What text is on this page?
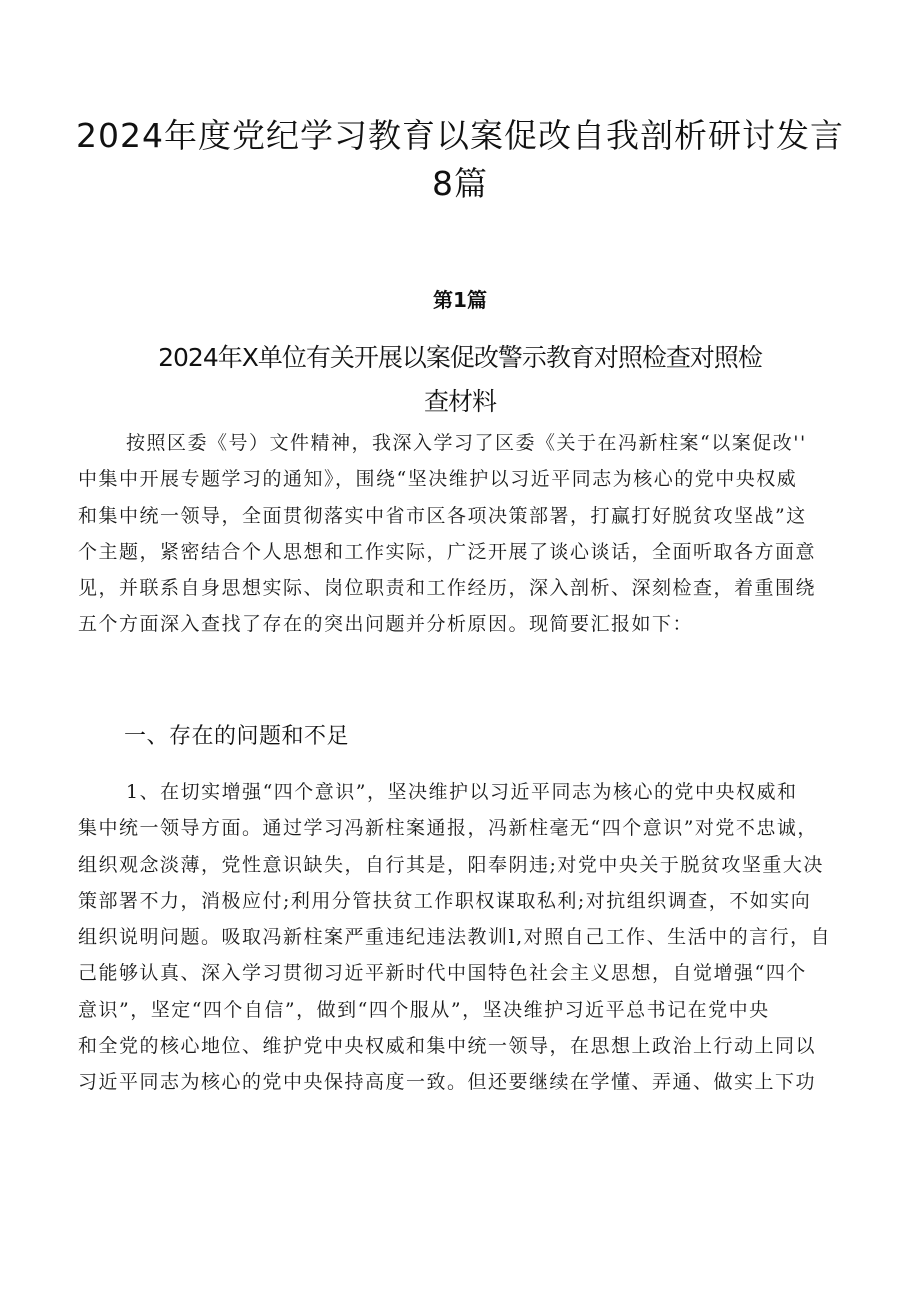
2024年度党纪学习教育以案促改自我剖析研讨发言
8篇
第1篇
2024年X单位有关开展以案促改警示教育对照检查对照检
查材料
按照区委《号）文件精神，我深入学习了区委《关于在冯新柱案“以案促改''
中集中开展专题学习的通知》，围绕“坚决维护以习近平同志为核心的党中央权威
和集中统一领导，全面贯彻落实中省市区各项决策部署，打赢打好脱贫攻坚战”这
个主题，紧密结合个人思想和工作实际，广泛开展了谈心谈话，全面听取各方面意
见，并联系自身思想实际、岗位职责和工作经历，深入剖析、深刻检查，着重围绕
五个方面深入查找了存在的突出问题并分析原因。现简要汇报如下：
一、存在的问题和不足
1、在切实增强“四个意识”，坚决维护以习近平同志为核心的党中央权威和
集中统一领导方面。通过学习冯新柱案通报，冯新柱毫无“四个意识”对党不忠诚，
组织观念淡薄，党性意识缺失，自行其是，阳奉阴违;对党中央关于脱贫攻坚重大决
策部署不力，消极应付;利用分管扶贫工作职权谋取私利;对抗组织调查，不如实向
组织说明问题。吸取冯新柱案严重违纪违法教训l,对照自己工作、生活中的言行，自
己能够认真、深入学习贯彻习近平新时代中国特色社会主义思想，自觉增强“四个
意识”，坚定“四个自信”，做到“四个服从”，坚决维护习近平总书记在党中央
和全党的核心地位、维护党中央权威和集中统一领导，在思想上政治上行动上同以
习近平同志为核心的党中央保持高度一致。但还要继续在学懂、弄通、做实上下功
